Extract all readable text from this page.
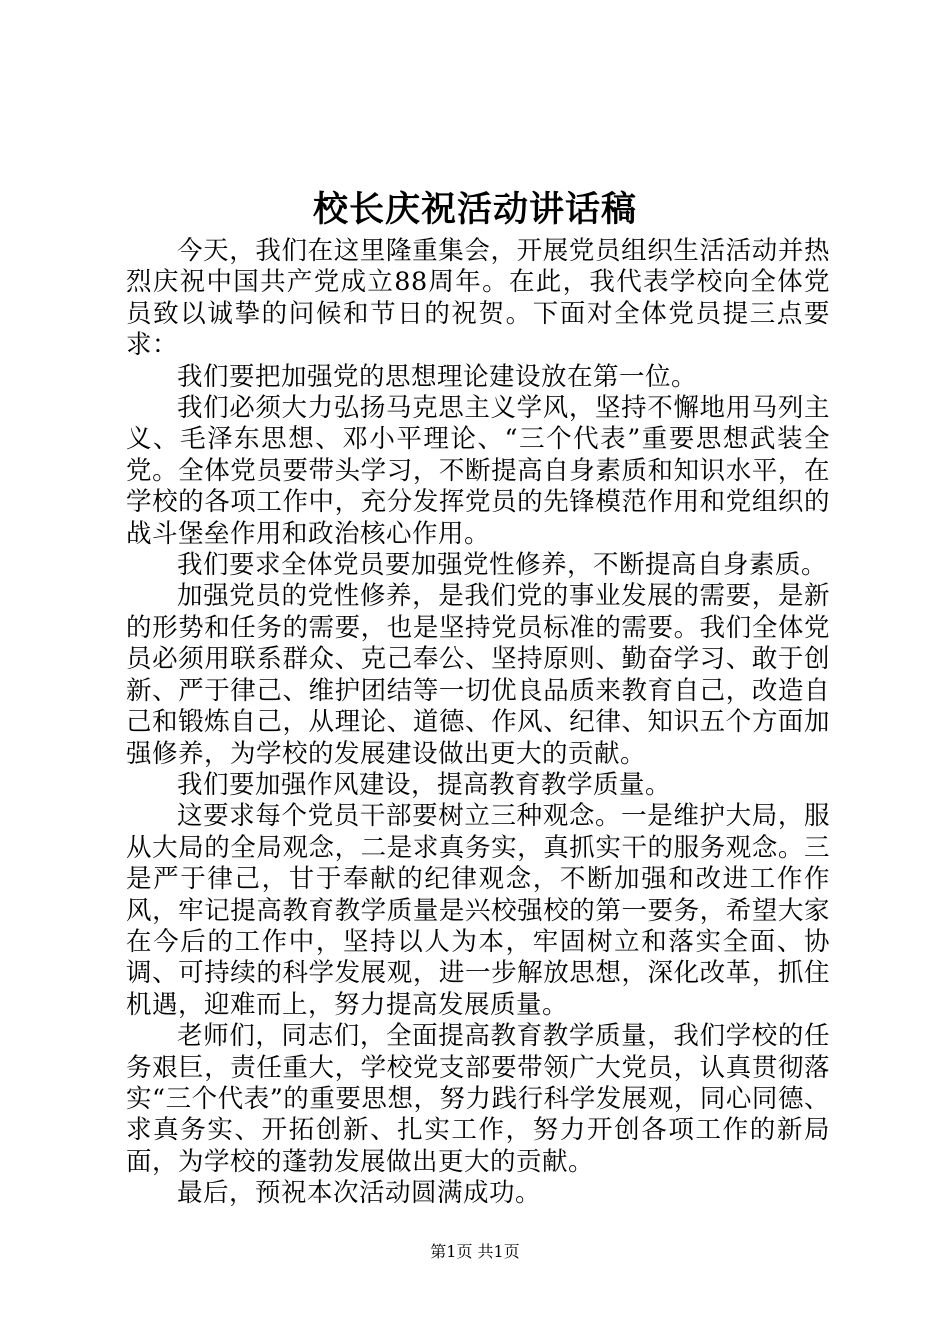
校长庆祝活动讲话稿

今天，我们在这里隆重集会，开展党员组织生活活动并热烈庆祝中国共产党成立88周年。在此，我代表学校向全体党员致以诚挚的问候和节日的祝贺。下面对全体党员提三点要求：

我们要把加强党的思想理论建设放在第一位。

我们必须大力弘扬马克思主义学风，坚持不懈地用马列主义、毛泽东思想、邓小平理论、“三个代表”重要思想武装全党。全体党员要带头学习，不断提高自身素质和知识水平，在学校的各项工作中，充分发挥党员的先锋模范作用和党组织的战斗堡垒作用和政治核心作用。

我们要求全体党员要加强党性修养，不断提高自身素质。

加强党员的党性修养，是我们党的事业发展的需要，是新的形势和任务的需要，也是坚持党员标准的需要。我们全体党员必须用联系群众、克己奉公、坚持原则、勤奋学习、敢于创新、严于律己、维护团结等一切优良品质来教育自己，改造自己和锻炼自己，从理论、道德、作风、纪律、知识五个方面加强修养，为学校的发展建设做出更大的贡献。

我们要加强作风建设，提高教育教学质量。

这要求每个党员干部要树立三种观念。一是维护大局，服从大局的全局观念，二是求真务实，真抓实干的服务观念。三是严于律己，甘于奉献的纪律观念，不断加强和改进工作作风，牢记提高教育教学质量是兴校强校的第一要务，希望大家在今后的工作中，坚持以人为本，牢固树立和落实全面、协调、可持续的科学发展观，进一步解放思想，深化改革，抓住机遇，迎难而上，努力提高发展质量。

老师们，同志们，全面提高教育教学质量，我们学校的任务艰巨，责任重大，学校党支部要带领广大党员，认真贯彻落实“三个代表”的重要思想，努力践行科学发展观，同心同德、求真务实、开拓创新、扎实工作，努力开创各项工作的新局面，为学校的蓬勃发展做出更大的贡献。

最后，预祝本次活动圆满成功。

第1页 共1页
